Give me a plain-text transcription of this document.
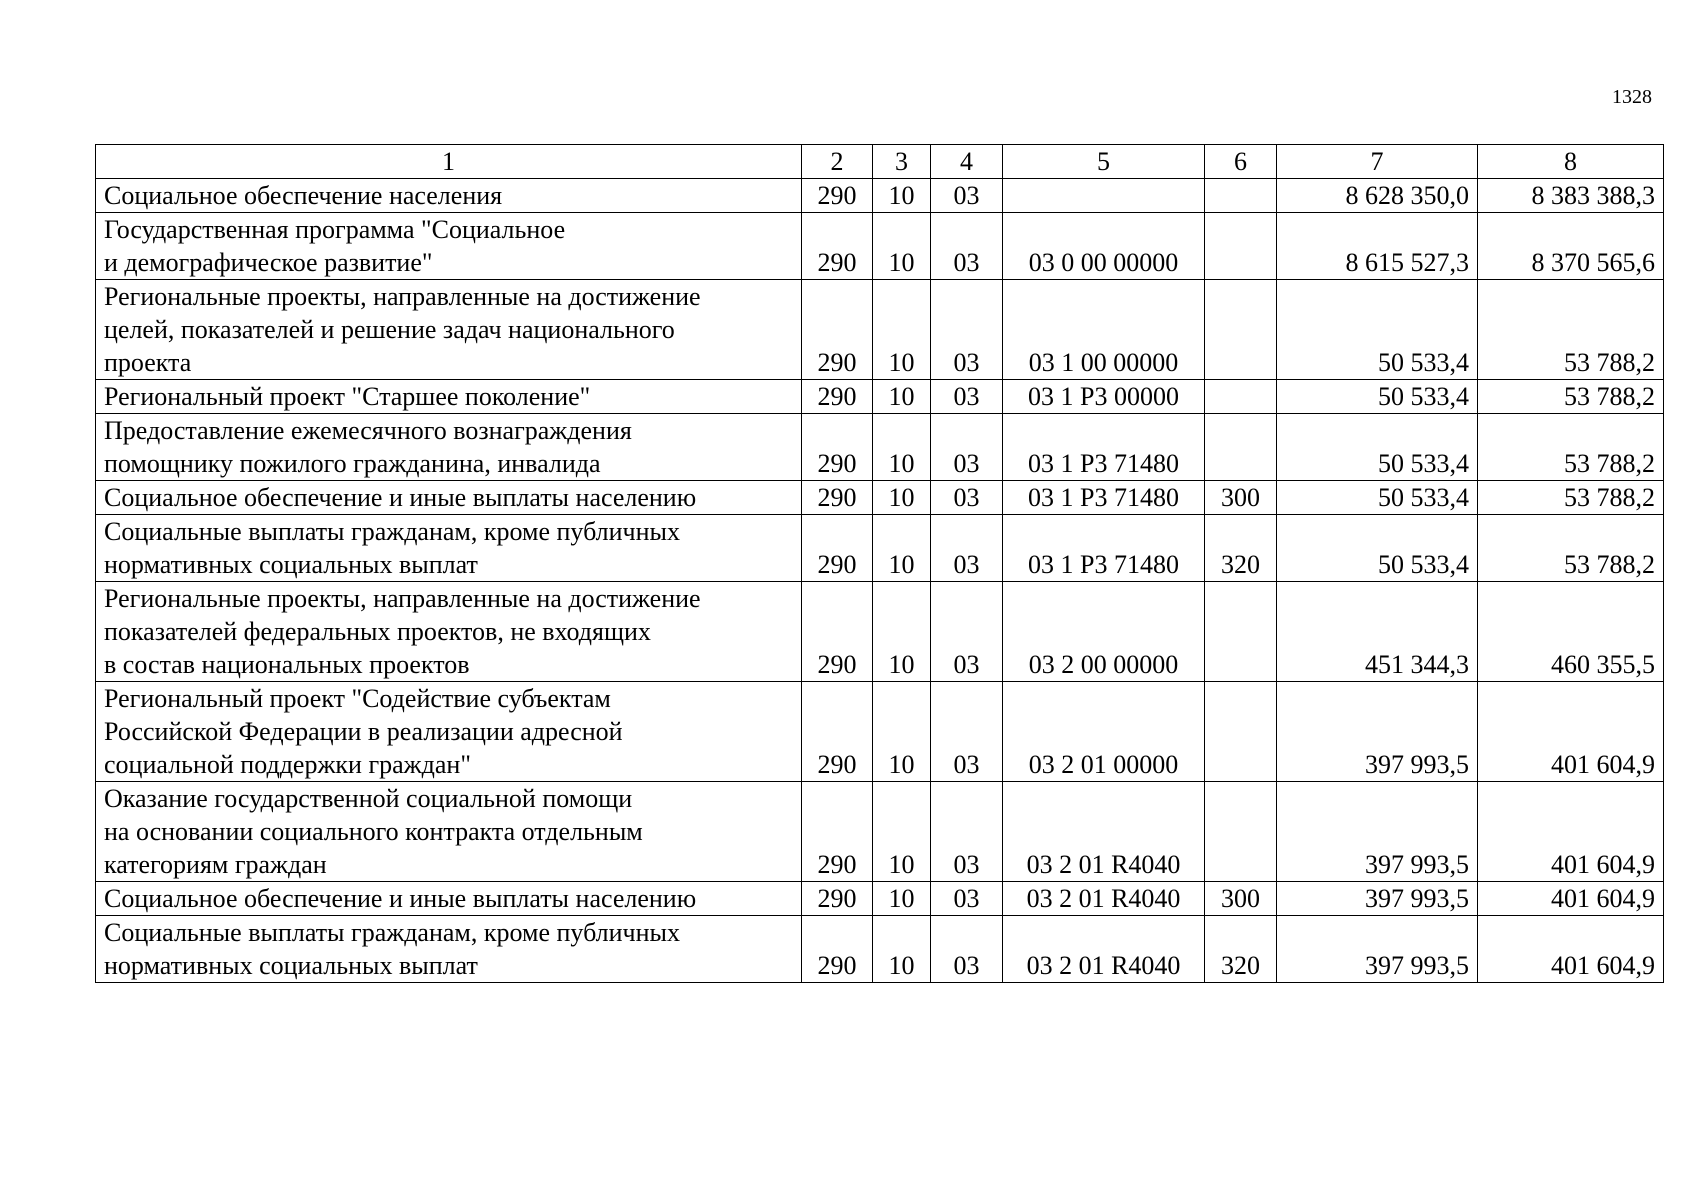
1328
1	2	3	4	5	6	7	8
Социальное обеспечение населения	290	10	03			8 628 350,0	8 383 388,3
Государственная программа "Социальное
и демографическое развитие"	290	10	03	03 0 00 00000		8 615 527,3	8 370 565,6
Региональные проекты, направленные на достижение
целей, показателей и решение задач национального
проекта	290	10	03	03 1 00 00000		50 533,4	53 788,2
Региональный проект "Старшее поколение"	290	10	03	03 1 P3 00000		50 533,4	53 788,2
Предоставление ежемесячного вознаграждения
помощнику пожилого гражданина, инвалида	290	10	03	03 1 P3 71480		50 533,4	53 788,2
Социальное обеспечение и иные выплаты населению	290	10	03	03 1 P3 71480	300	50 533,4	53 788,2
Социальные выплаты гражданам, кроме публичных
нормативных социальных выплат	290	10	03	03 1 P3 71480	320	50 533,4	53 788,2
Региональные проекты, направленные на достижение
показателей федеральных проектов, не входящих
в состав национальных проектов	290	10	03	03 2 00 00000		451 344,3	460 355,5
Региональный проект "Содействие субъектам
Российской Федерации в реализации адресной
социальной поддержки граждан"	290	10	03	03 2 01 00000		397 993,5	401 604,9
Оказание государственной социальной помощи
на основании социального контракта отдельным
категориям граждан	290	10	03	03 2 01 R4040		397 993,5	401 604,9
Социальное обеспечение и иные выплаты населению	290	10	03	03 2 01 R4040	300	397 993,5	401 604,9
Социальные выплаты гражданам, кроме публичных
нормативных социальных выплат	290	10	03	03 2 01 R4040	320	397 993,5	401 604,9
